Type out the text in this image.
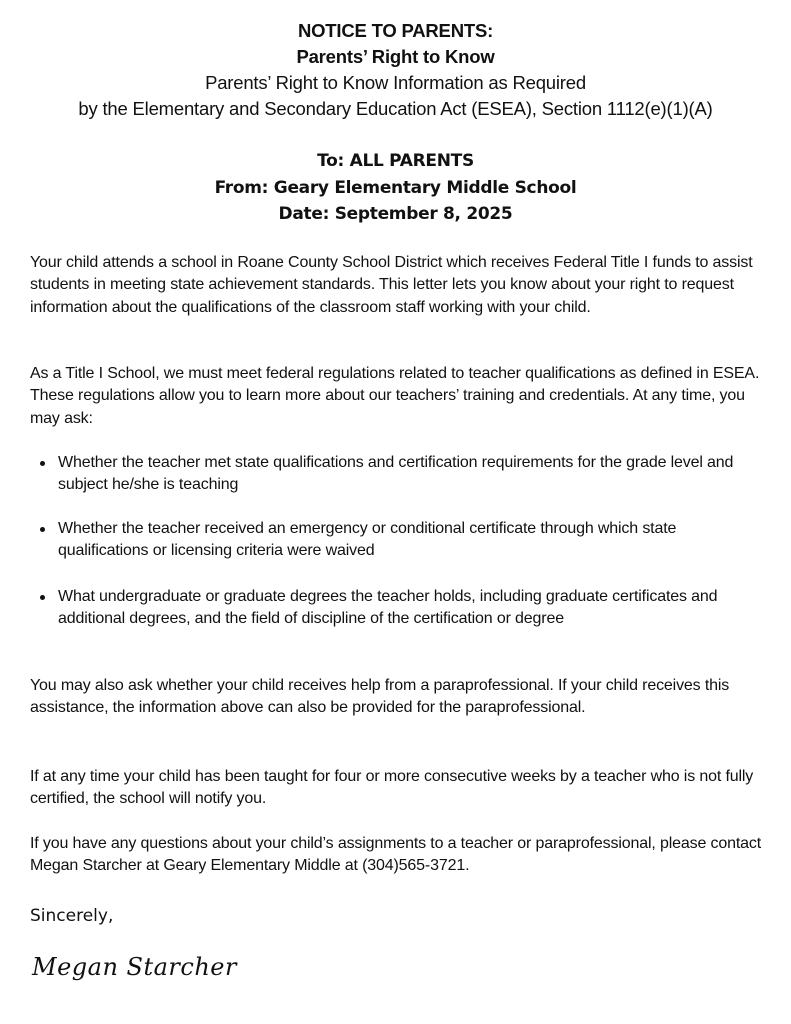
NOTICE TO PARENTS:
Parents’ Right to Know
Parents’ Right to Know Information as Required
by the Elementary and Secondary Education Act (ESEA), Section 1112(e)(1)(A)
To: ALL PARENTS
From: Geary Elementary Middle School
Date: September 8, 2025
Your child attends a school in Roane County School District which receives Federal Title I funds to assist students in meeting state achievement standards. This letter lets you know about your right to request information about the qualifications of the classroom staff working with your child.
As a Title I School, we must meet federal regulations related to teacher qualifications as defined in ESEA. These regulations allow you to learn more about our teachers’ training and credentials. At any time, you may ask:
Whether the teacher met state qualifications and certification requirements for the grade level and subject he/she is teaching
Whether the teacher received an emergency or conditional certificate through which state qualifications or licensing criteria were waived
What undergraduate or graduate degrees the teacher holds, including graduate certificates and additional degrees, and the field of discipline of the certification or degree
You may also ask whether your child receives help from a paraprofessional. If your child receives this assistance, the information above can also be provided for the paraprofessional.
If at any time your child has been taught for four or more consecutive weeks by a teacher who is not fully certified, the school will notify you.
If you have any questions about your child’s assignments to a teacher or paraprofessional, please contact Megan Starcher at Geary Elementary Middle at (304)565-3721.
Sincerely,
Megan Starcher
